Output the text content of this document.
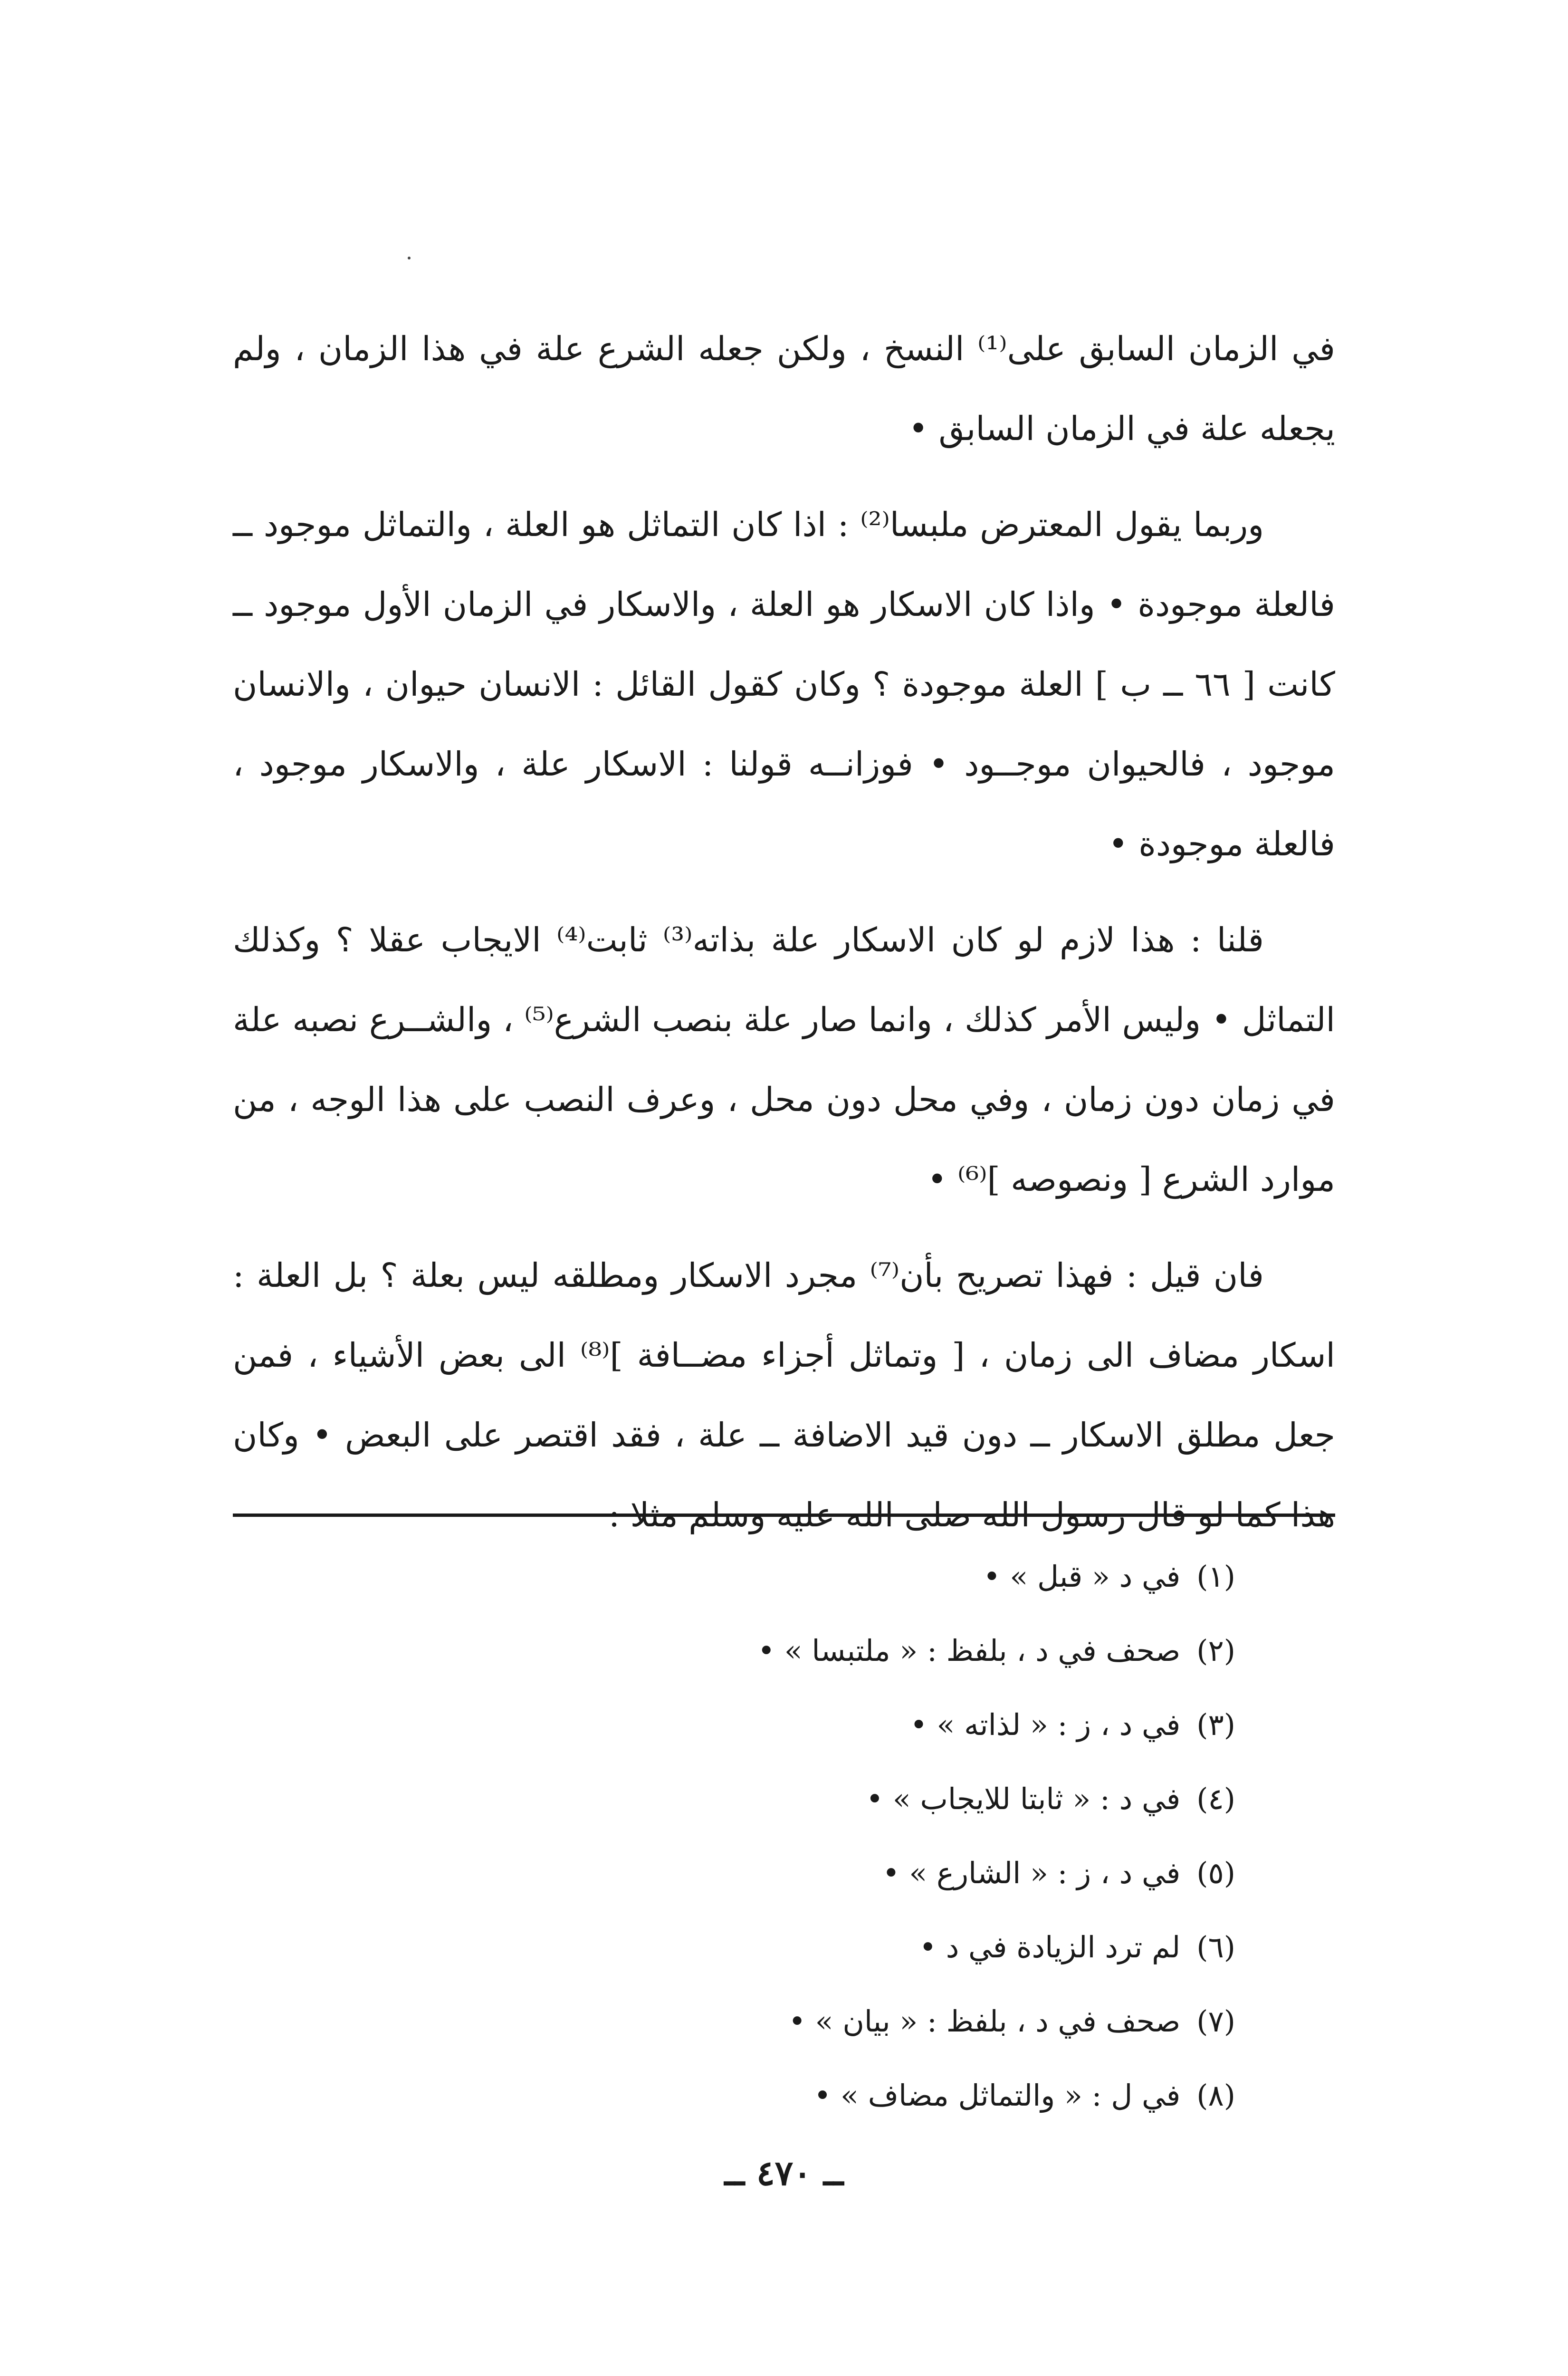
في الزمان السابق على⁽¹⁾ النسخ ، ولكن جعله الشرع علة في هذا الزمان ، ولم يجعله علة في الزمان السابق •

وربما يقول المعترض ملبسا⁽²⁾ : اذا كان التماثل هو العلة ، والتماثل موجود ــ فالعلة موجودة • واذا كان الاسكار هو العلة ، والاسكار في الزمان الأول موجود ــ كانت [ ٦٦ ــ ب ] العلة موجودة ؟ وكان كقول القائل : الانسان حيوان ، والانسان موجود ، فالحيوان موجــود • فوزانــه قولنا : الاسكار علة ، والاسكار موجود ، فالعلة موجودة •

قلنا : هذا لازم لو كان الاسكار علة بذاته⁽³⁾ ثابت⁽⁴⁾ الايجاب عقلا ؟ وكذلك التماثل • وليس الأمر كذلك ، وانما صار علة بنصب الشرع⁽⁵⁾ ، والشــرع نصبه علة في زمان دون زمان ، وفي محل دون محل ، وعرف النصب على هذا الوجه ، من موارد الشرع [ ونصوصه ]⁽⁶⁾ •

فان قيل : فهذا تصريح بأن⁽⁷⁾ مجرد الاسكار ومطلقه ليس بعلة ؟ بل العلة : اسكار مضاف الى زمان ، [ وتماثل أجزاء مضــافة ]⁽⁸⁾ الى بعض الأشياء ، فمن جعل مطلق الاسكار ــ دون قيد الاضافة ــ علة ، فقد اقتصر على البعض • وكان هذا كما لو قال رسول الله صلى الله عليه وسلم مثلا :

(١)في د « قبل » •
(٢)صحف في د ، بلفظ : « ملتبسا » •
(٣)في د ، ز : « لذاته » •
(٤)في د : « ثابتا للايجاب » •
(٥)في د ، ز : « الشارع » •
(٦)لم ترد الزيادة في د •
(٧)صحف في د ، بلفظ : « بيان » •
(٨)في ل : « والتماثل مضاف » •
ــ ٤٧٠ ــ
